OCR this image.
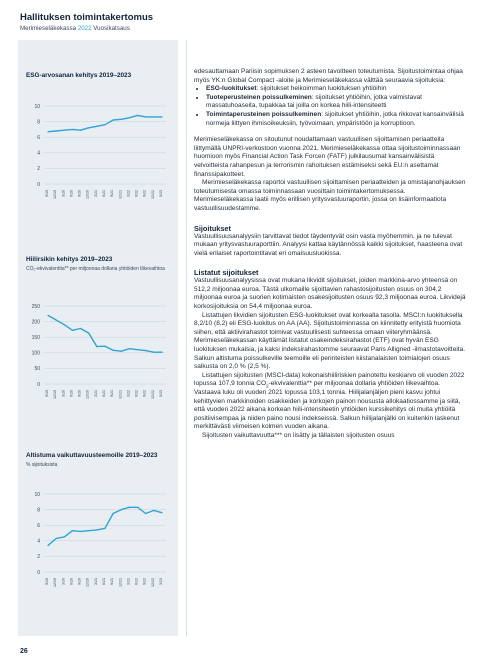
Hallituksen toimintakertomus
Merimieseläkekassa 2022 Vuosikatsaus
ESG-arvosanan kehitys 2019–2023
0
2
4
6
8
10
9/19 12/19 3/20 6/20 9/20 12/20 3/21 6/21 9/21 12/21 3/22 6/22 9/22 12/22 3/23
Hiilirsikin kehitys 2019–2023
CO₂-ekvivalenttia** per miljoonaa dollaria yhtiöiden liikevaihtoa
0
50
100
150
200
250
9/19 12/19 3/20 6/20 9/20 12/20 3/21 6/21 9/21 12/21 3/22 6/22 9/22 12/22 3/23
Altistuma vaikuttavuusteemoille 2019–2023
% sijoituksista
0
2
4
6
8
10
9/19 12/19 3/20 6/20 9/20 12/20 3/21 6/21 9/21 12/21 3/22 6/22 9/22 12/22 3/23

edesauttamaan Pariisin sopimuksen 2 asteen tavoitteen toteutumista. Sijoitustoimintaa ohjaa myös YK:n Global Compact -aloite ja Merimieseläkekassa välttää seuraavia sijoituksia:

• ESG-luokitukset: sijoitukset heikoimman luokituksen yhtiöihin
• Tuoteperusteinen poissulkeminen: sijoitukset yhtiöihin, jotka valmistavat massatuhoaseita, tupakkaa tai joilla on korkea hiili-intensiteetti
• Toimintaperusteinen poissulkeminen: sijoitukset yhtiöihin, jotka rikkovat kansainvälisiä normeja liittyen ihmisoikeuksiin, työvoimaan, ympäristöön ja korruptioon.

Merimieseläkekassa on sitoutunut noudattamaan vastuullisen sijoittamisen periaatteita liittymällä UNPRI-verkostoon vuonna 2021. Merimieseläkekassa ottaa sijoitustoiminnassaan huomioon myös Financial Action Task Forcen (FATF) julkilausumat kansainvälisistä velvoitteista rahanpesun ja terrorismin rahoituksen estämiseksi sekä EU:n asettamat finanssipakotteet.

Merimieseläkekassa raportoi vastuullisen sijoittamisen periaatteiden ja omistajanohjauksen toteutumisesta omassa toiminnassaan vuosittain toimintakertomuksessa. Merimieseläkekassa laatii myös erillisen yritysvastuuraportin, jossa on lisäinformaatiota vastuullisuudestamme.

Sijoitukset

Vastuullisuusanalyysiin tarvittavat tiedot täydentyvät osin vasta myöhemmin, ja ne tulevat mukaan yritysvastuuraporttiin. Analyysi kattaa käytännössä kaikki sijoitukset, haasteena ovat vielä erilaiset raportointitavat eri omaisuusluokissa.

Listatut sijoitukset

Vastuullisuusanalyysissa ovat mukana likvidit sijoitukset, joiden markkina-arvo yhteensä on 512,2 miljoonaa euroa. Tästä ulkomaille sijoittavien rahastosijoitusten osuus on 304,2 miljoonaa euroa ja suorien kotimaisten osakesijoitusten osuus 92,3 miljoonaa euroa. Likvidejä korkosijoituksia on 54,4 miljoonaa euroa.

Listattujen likvidien sijoitusten ESG-luokitukset ovat korkealla tasolla. MSCI:n luokituksella 8,2/10 (8,2) eli ESG-luokitus on AA (AA). Sijoitustoiminnassa on kiinnitetty erityistä huomiota siihen, että aktiivirahastot toimivat vastuullisesti suhteessa omaan viiteryhmäänsä. Merimieseläkekassan käyttämät listatut osakeindeksirahastot (ETF) ovat hyvän ESG luokituksen mukaisia, ja kaksi indeksirahastomme seuraavat Paris Alligned -ilmastotavoitteita. Salkun altistuma poissulkeville teemoille eli perinteisten kiistanalaisten toimialojen osuus salkusta on 2,0 % (2,5 %).

Listattujen sijoitusten (MSCI-data) kokonaishiiliriskien painotettu keskiarvo oli vuoden 2022 lopussa 107,9 tonnia $CO_2-ekvivalenttia**$ per miljoonaa dollaria yhtiöiden liikevaihtoa. Vastaava luku oli vuoden 2021 lopussa 103,1 tonnia. Hiilijalanjäljen pieni kasvu johtui kehittyvien markkinoiden osakkeiden ja korkojen painon noususta allokaatiossamme ja siitä, että vuoden 2022 aikana korkean hiili-intensiteetin yhtiöiden kurssikehitys oli muita yhtiöitä positiivisempaa ja niiden paino nousi indekseissä. Salkun hiilijalanjälki on kuitenkin laskenut merkittävästi viimeisen kolmen vuoden aikana.

Sijoitusten vaikuttavuutta*** on lisätty ja tällaisten sijoitusten osuus

26
